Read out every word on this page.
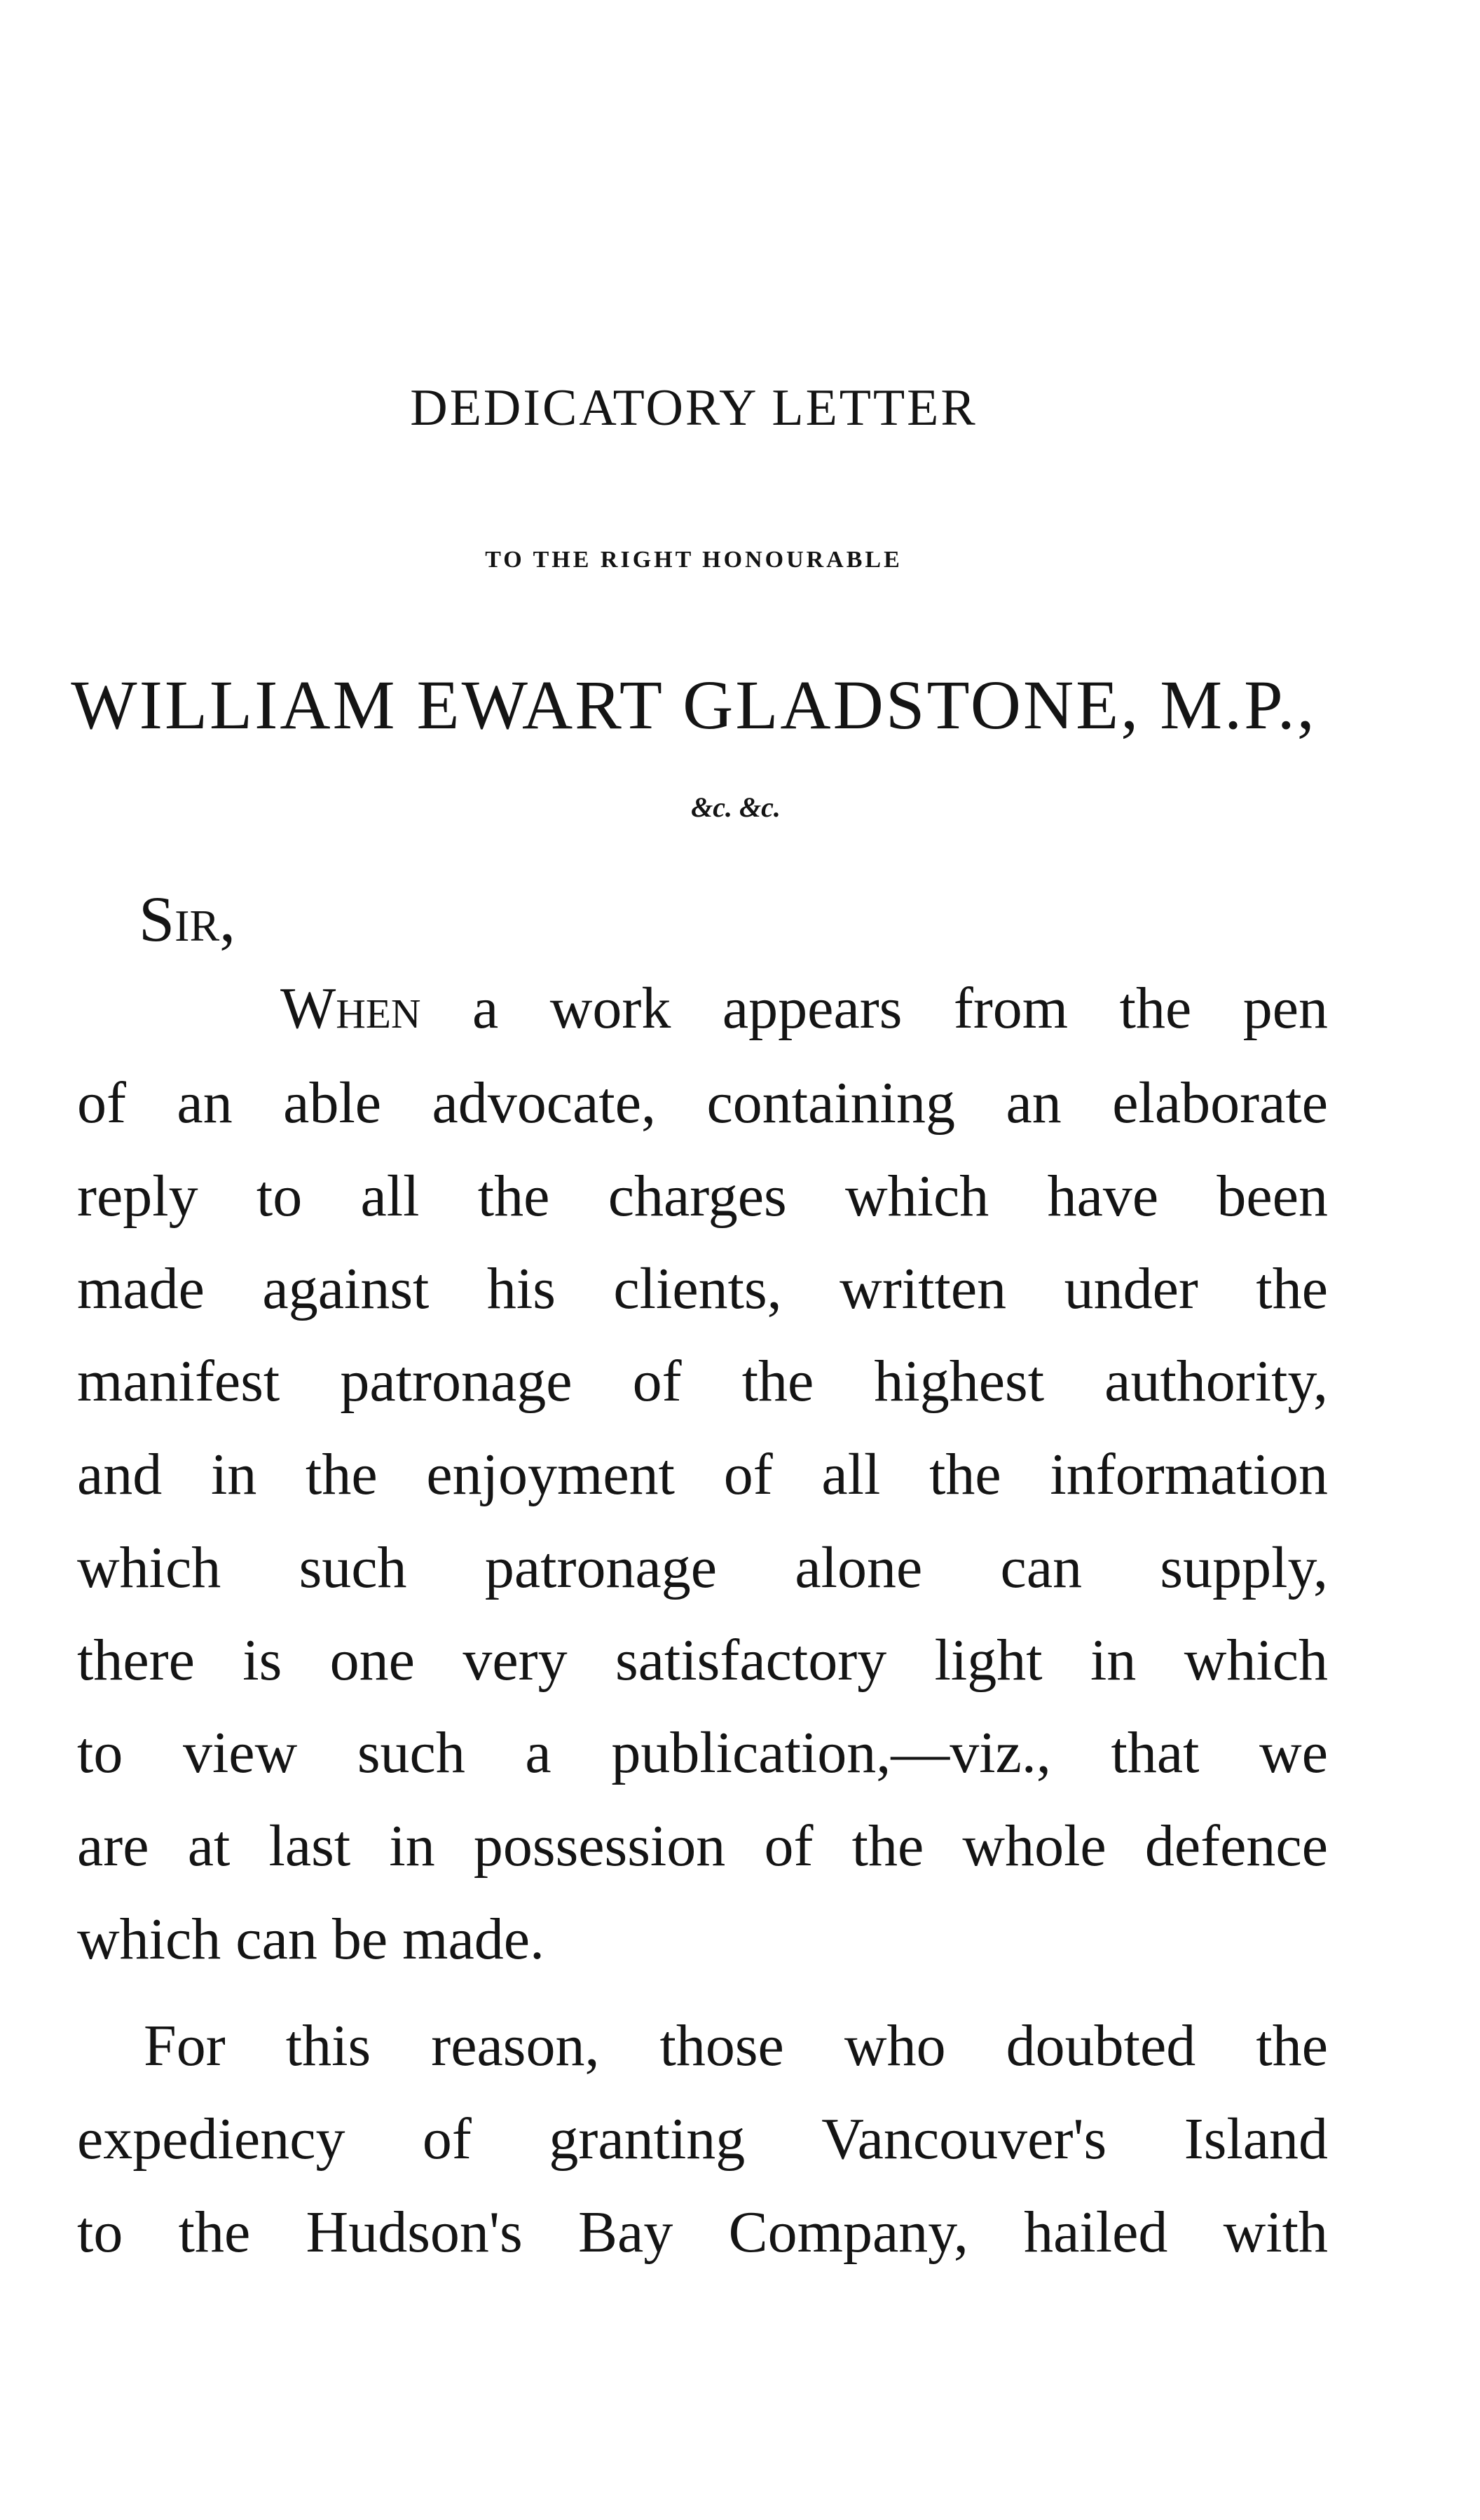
DEDICATORY LETTER
TO THE RIGHT HONOURABLE
WILLIAM EWART GLADSTONE, M.P.,
&c. &c.
Sir,
When a work appears from the pen
of an able advocate, containing an elaborate
reply to all the charges which have been
made against his clients, written under the
manifest patronage of the highest authority,
and in the enjoyment of all the information
which such patronage alone can supply,
there is one very satisfactory light in which
to view such a publication,—viz., that we
are at last in possession of the whole defence
which can be made.
For this reason, those who doubted the
expediency of granting Vancouver's Island
to the Hudson's Bay Company, hailed with
